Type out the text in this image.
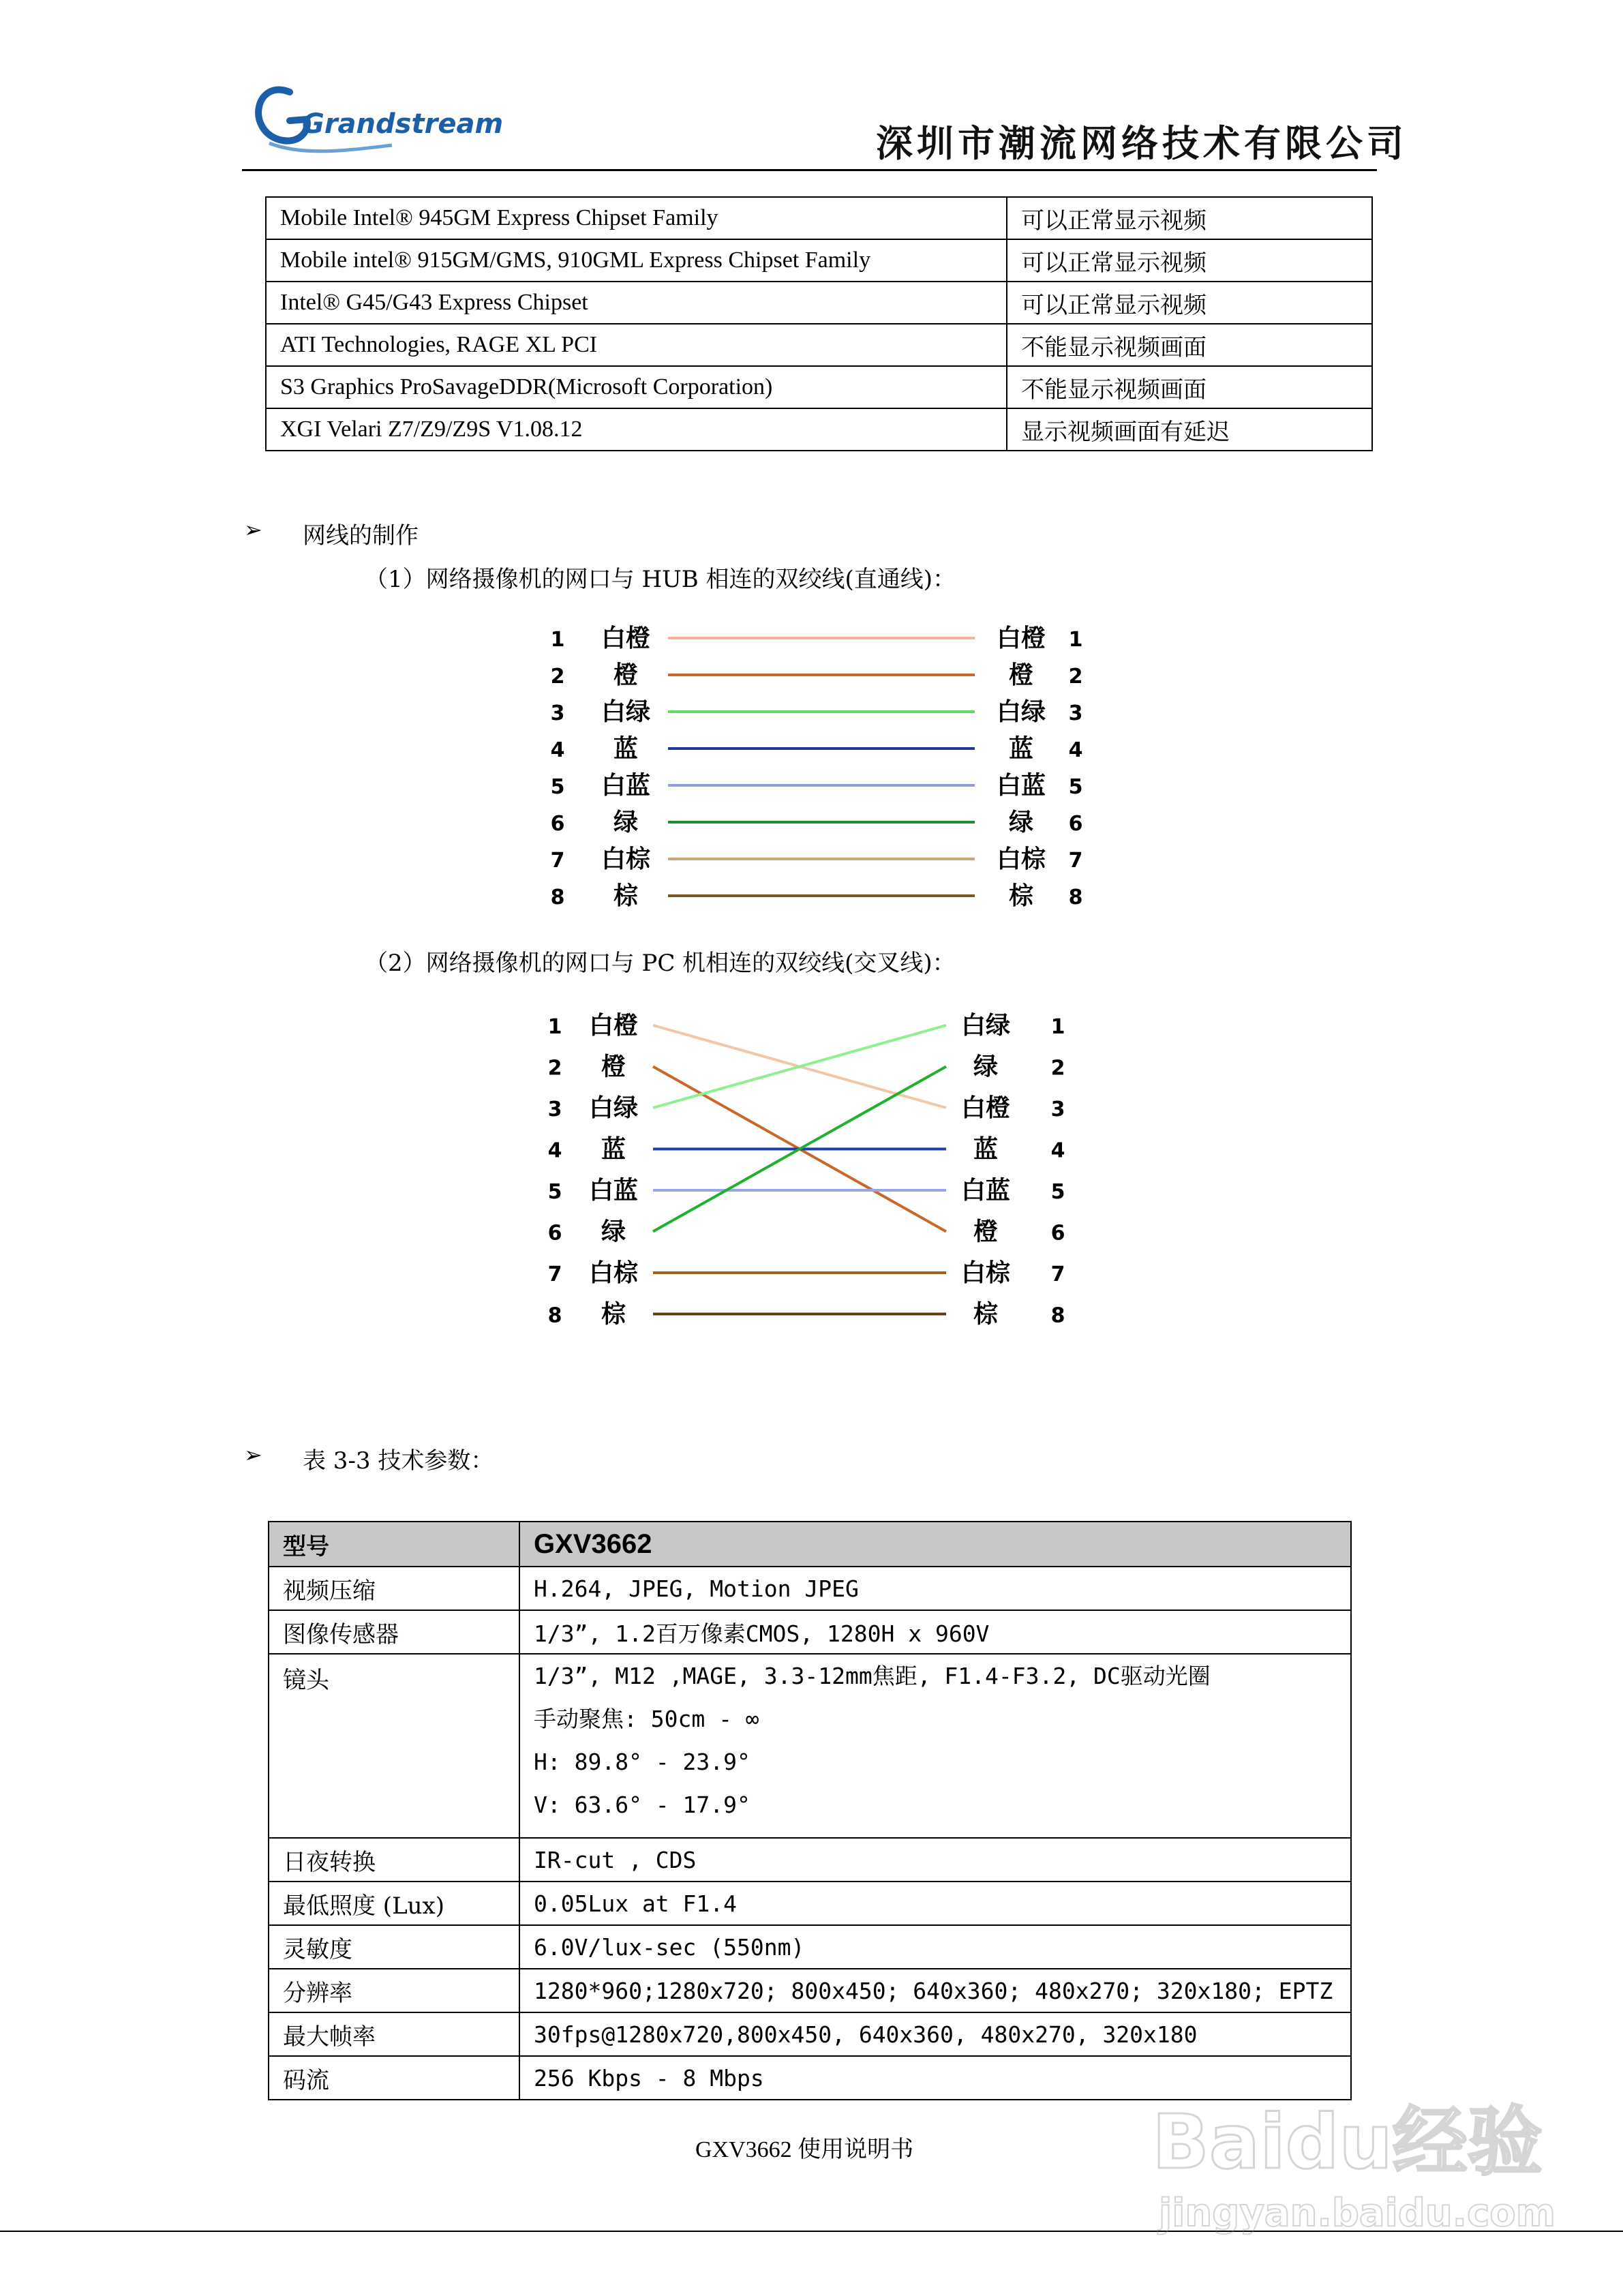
Grandstream	深圳市潮流网络技术有限公司
Mobile Intel® 945GM Express Chipset Family	可以正常显示视频
Mobile intel® 915GM/GMS, 910GML Express Chipset Family	可以正常显示视频
Intel® G45/G43 Express Chipset	可以正常显示视频
ATI Technologies, RAGE XL PCI	不能显示视频画面
S3 Graphics ProSavageDDR(Microsoft Corporation)	不能显示视频画面
XGI Velari Z7/Z9/Z9S V1.08.12	显示视频画面有延迟
➢ 网线的制作
（1）网络摄像机的网口与 HUB 相连的双绞线(直通线)：
1 白橙	白橙 1
2 橙	橙 2
3 白绿	白绿 3
4 蓝	蓝 4
5 白蓝	白蓝 5
6 绿	绿 6
7 白棕	白棕 7
8 棕	棕 8
（2）网络摄像机的网口与 PC 机相连的双绞线(交叉线)：
1 白橙	白绿 1
2 橙	绿	2
3 白绿	白橙 3
4 蓝	蓝	4
5 白蓝	白蓝 5
6 绿	橙	6
7 白棕	白棕 7
8 棕	棕	8
➢ 表 3-3 技术参数：
型号	GXV3662
视频压缩	H.264, JPEG, Motion JPEG
图像传感器	1/3”, 1.2百万像素CMOS, 1280H x 960V
镜头	1/3”, M12 ,MAGE, 3.3-12mm焦距, F1.4-F3.2, DC驱动光圈
手动聚焦: 50cm - ∞
H: 89.8° - 23.9°
V: 63.6° - 17.9°

日夜转换	IR-cut , CDS
最低照度 (Lux)	0.05Lux at F1.4
灵敏度	6.0V/lux-sec (550nm)
分辨率	1280*960;1280x720; 800x450; 640x360; 480x270; 320x180; EPTZ
最大帧率	30fps@1280x720,800x450, 640x360, 480x270, 320x180
码流	256 Kbps - 8 Mbps
GXV3662 使用说明书	Baidu经验
jingyan.baidu.com
